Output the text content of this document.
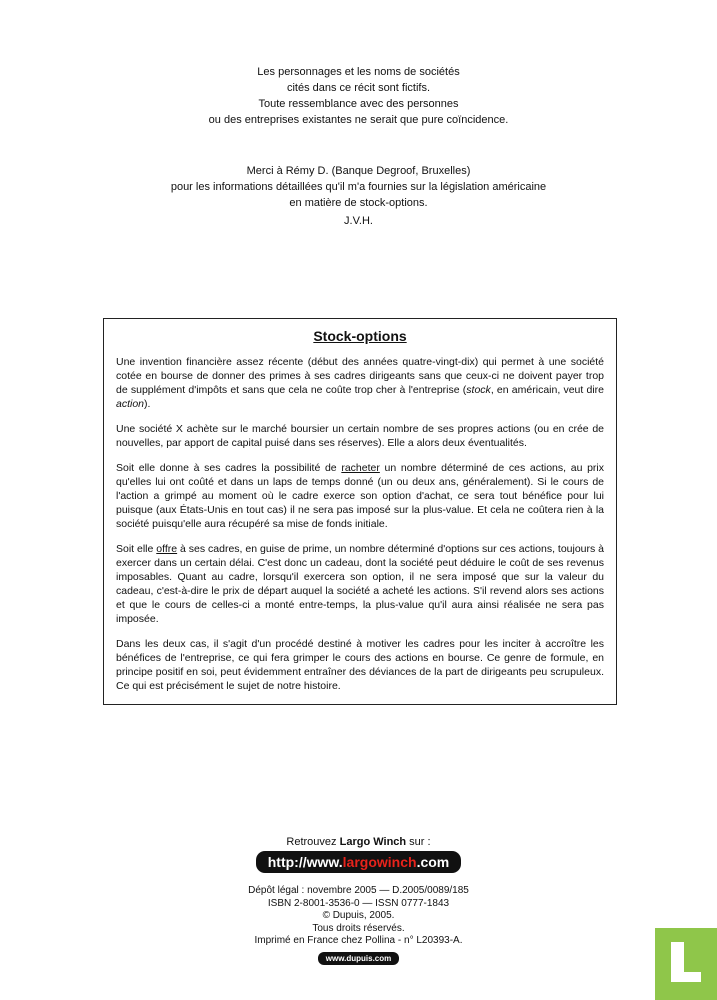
Les personnages et les noms de sociétés
cités dans ce récit sont fictifs.
Toute ressemblance avec des personnes
ou des entreprises existantes ne serait que pure coïncidence.
Merci à Rémy D. (Banque Degroof, Bruxelles)
pour les informations détaillées qu'il m'a fournies sur la législation américaine
en matière de stock-options.
J.V.H.
Stock-options

Une invention financière assez récente (début des années quatre-vingt-dix) qui permet à une société cotée en bourse de donner des primes à ses cadres dirigeants sans que ceux-ci ne doivent payer trop de supplément d'impôts et sans que cela ne coûte trop cher à l'entreprise (stock, en américain, veut dire action).

Une société X achète sur le marché boursier un certain nombre de ses propres actions (ou en crée de nouvelles, par apport de capital puisé dans ses réserves). Elle a alors deux éventualités.

Soit elle donne à ses cadres la possibilité de racheter un nombre déterminé de ces actions, au prix qu'elles lui ont coûté et dans un laps de temps donné (un ou deux ans, généralement). Si le cours de l'action a grimpé au moment où le cadre exerce son option d'achat, ce sera tout bénéfice pour lui puisque (aux États-Unis en tout cas) il ne sera pas imposé sur la plus-value. Et cela ne coûtera rien à la société puisqu'elle aura récupéré sa mise de fonds initiale.

Soit elle offre à ses cadres, en guise de prime, un nombre déterminé d'options sur ces actions, toujours à exercer dans un certain délai. C'est donc un cadeau, dont la société peut déduire le coût de ses revenus imposables. Quant au cadre, lorsqu'il exercera son option, il ne sera imposé que sur la valeur du cadeau, c'est-à-dire le prix de départ auquel la société a acheté les actions. S'il revend alors ses actions et que le cours de celles-ci a monté entre-temps, la plus-value qu'il aura ainsi réalisée ne sera pas imposée.

Dans les deux cas, il s'agit d'un procédé destiné à motiver les cadres pour les inciter à accroître les bénéfices de l'entreprise, ce qui fera grimper le cours des actions en bourse. Ce genre de formule, en principe positif en soi, peut évidemment entraîner des déviances de la part de dirigeants peu scrupuleux. Ce qui est précisément le sujet de notre histoire.

Retrouvez Largo Winch sur :
http://www.largowinch.com
Dépôt légal : novembre 2005 — D.2005/0089/185
ISBN 2-8001-3536-0 — ISSN 0777-1843
© Dupuis, 2005.
Tous droits réservés.
Imprimé en France chez Pollina - n° L20393-A.
www.dupuis.com
